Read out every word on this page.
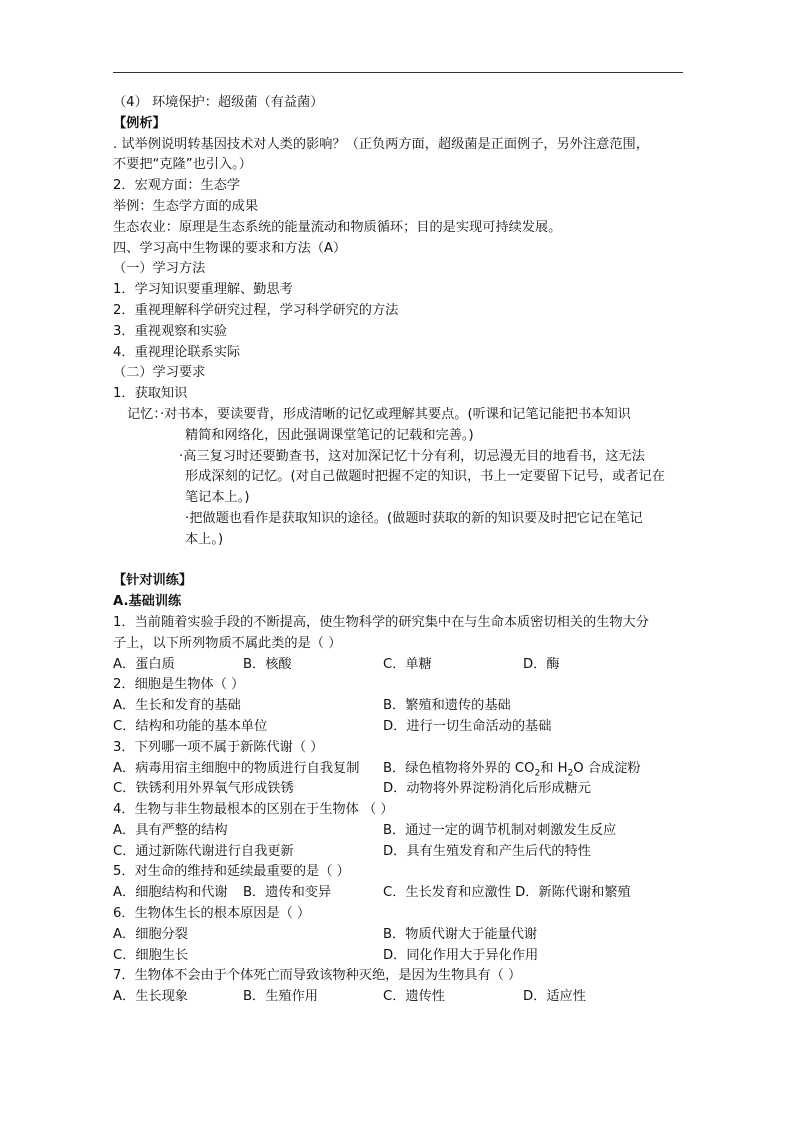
（4） 环境保护：超级菌（有益菌）
【例析】
. 试举例说明转基因技术对人类的影响？（正负两方面，超级菌是正面例子，另外注意范围，
不要把“克隆”也引入。）
2．宏观方面：生态学
举例：生态学方面的成果
生态农业：原理是生态系统的能量流动和物质循环；目的是实现可持续发展。
四、学习高中生物课的要求和方法（A）
（一）学习方法
1．学习知识要重理解、勤思考
2．重视理解科学研究过程，学习科学研究的方法
3．重视观察和实验
4．重视理论联系实际
（二）学习要求
1．获取知识
记忆：·对书本，要读要背，形成清晰的记忆或理解其要点。(听课和记笔记能把书本知识
精简和网络化，因此强调课堂笔记的记载和完善。)
·高三复习时还要勤查书，这对加深记忆十分有利，切忌漫无目的地看书，这无法
形成深刻的记忆。(对自己做题时把握不定的知识，书上一定要留下记号，或者记在
笔记本上。)
·把做题也看作是获取知识的途径。(做题时获取的新的知识要及时把它记在笔记
本上。)
【针对训练】
A.基础训练
1．当前随着实验手段的不断提高，使生物科学的研究集中在与生命本质密切相关的生物大分
子上，以下所列物质不属此类的是（ ）
A．蛋白质	B．核酸	C．单糖	D．酶
2．细胞是生物体（ ）
A．生长和发育的基础	B．繁殖和遗传的基础
C．结构和功能的基本单位	D．进行一切生命活动的基础
3．下列哪一项不属于新陈代谢（ ）
A．病毒用宿主细胞中的物质进行自我复制	B．绿色植物将外界的 $CO_2$和 $H_2O$ 合成淀粉
C．铁锈利用外界氧气形成铁锈	D．动物将外界淀粉消化后形成糖元
4．生物与非生物最根本的区别在于生物体 （ ）
A．具有严整的结构	B．通过一定的调节机制对刺激发生反应
C．通过新陈代谢进行自我更新	D．具有生殖发育和产生后代的特性
5．对生命的维持和延续最重要的是（ ）
A．细胞结构和代谢	B．遗传和变异	C．生长发育和应激性 D．新陈代谢和繁殖
6．生物体生长的根本原因是（ ）
A．细胞分裂	B．物质代谢大于能量代谢
C．细胞生长	D．同化作用大于异化作用
7．生物体不会由于个体死亡而导致该物种灭绝，是因为生物具有（ ）
A．生长现象	B．生殖作用	C．遗传性	D．适应性
